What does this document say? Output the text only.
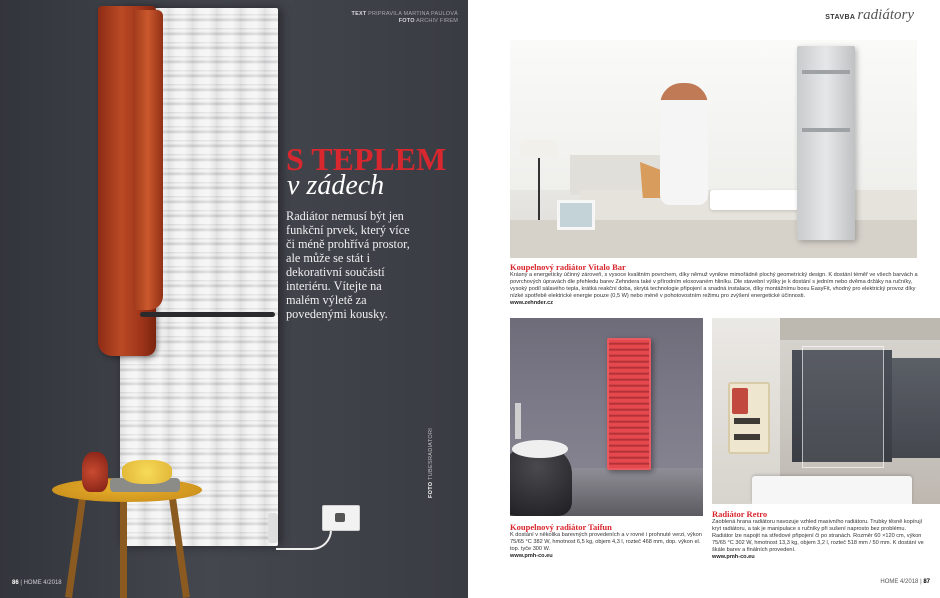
TEXT PRIPRAVILA MARTINA PAULOVÁ
FOTO ARCHIV FIREM
S TEPLEM
v zádech
Radiátor nemusí být jen funkční prvek, který více či méně prohřívá prostor, ale může se stát i dekorativní součástí interiéru. Vítejte na malém výletě za povedenými kousky.
FOTO TUBESRADIATORI
86 | HOME 4/2018
STAVBA radiátory
HOME 4/2018 | 87
Koupelnový radiátor Vitalo Bar
Krásný a energeticky účinný zároveň, s vysoce kvalitním povrchem, díky němuž vyniknе mimořádně plochý geometrický design. K dostání téměř ve všech barvách a povrchových úpravách dle přehledu barev Zehndera také v přírodním eloxovaném hliníku. Dle stavební výšky je k dostání s jedním nebo dvěma držáky na ručníky, vysoký podíl sálavého tepla, krátká reakční doba, skrytá technologie připojení a snadná instalace, díky montážnímu boxu EasyFit, vhodný pro elektrický provoz díky nízké spotřebě elektrické energie pouze (0,5 W) nebo méně v pohotovostním režimu pro zvýšení energetické účinnosti.
www.zehnder.cz
Koupelnový radiátor Taifun
K dostání v několika barevných provedeních a v rovné i prohnuté verzi, výkon 75/65 °C 382 W, hmotnost 6,5 kg, objem 4,3 l, rozteč 468 mm, dop. výkon el. top. tyče 300 W.
www.pmh-co.eu
Radiátor Retro
Zaoblená hrana radiátoru navozuje vzhled masivního radiátoru. Trubky těsně kopírují kryt radiátoru, a tak je manipulace s ručníky při sušení naprosto bez problému. Radiátor lze napojit na středové připojení či po stranách. Rozměr 60 ×120 cm, výkon 75/65 °C 302 W, hmotnost 13,3 kg, objem 3,2 l, rozteč 518 mm / 50 mm. K dostání ve škále barev a finálních provedení.
www.pmh-co.eu
